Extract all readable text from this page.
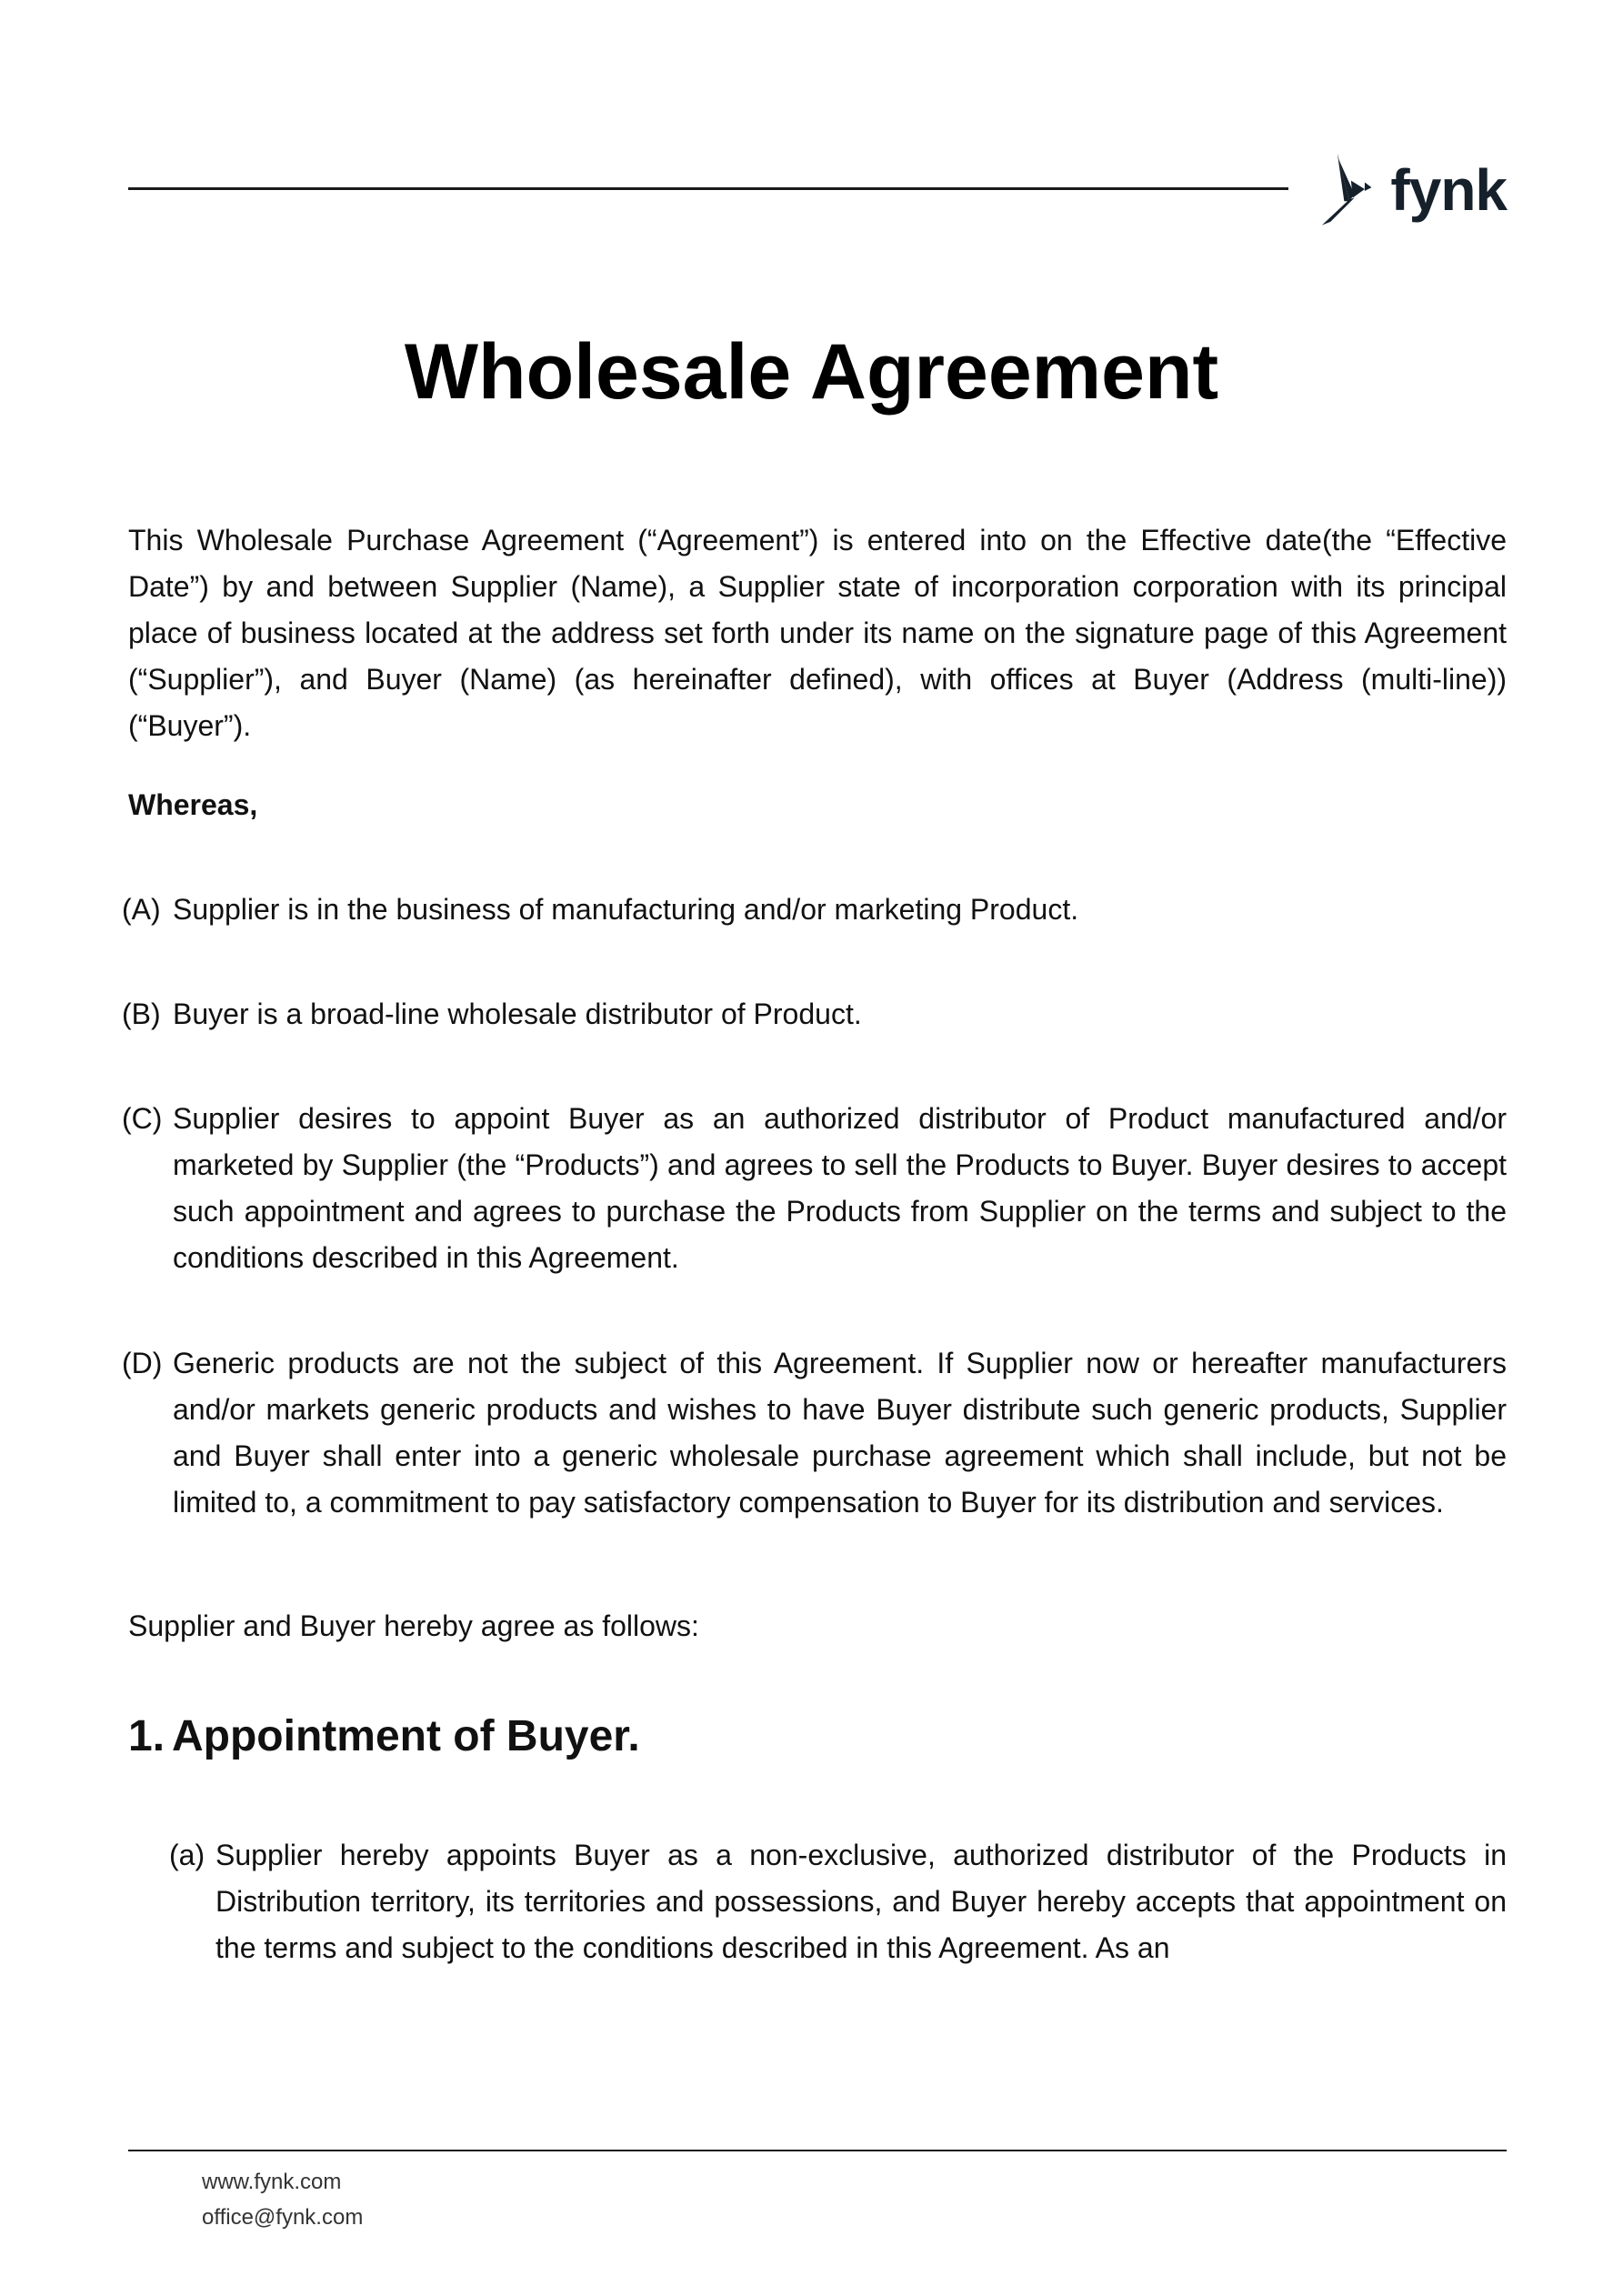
fynk
Wholesale Agreement

This Wholesale Purchase Agreement (“Agreement”) is entered into on the Effective date(the “Effective Date”) by and between Supplier (Name), a Supplier state of incorporation corporation with its principal place of business located at the address set forth under its name on the signature page of this Agreement (“Supplier”), and Buyer (Name) (as hereinafter defined), with offices at Buyer (Address (multi-line)) (“Buyer”).

Whereas,

(A) Supplier is in the business of manufacturing and/or marketing Product.
(B) Buyer is a broad-line wholesale distributor of Product.
(C) Supplier desires to appoint Buyer as an authorized distributor of Product manufactured and/or marketed by Supplier (the “Products”) and agrees to sell the Products to Buyer. Buyer desires to accept such appointment and agrees to purchase the Products from Supplier on the terms and subject to the conditions described in this Agreement.
(D) Generic products are not the subject of this Agreement. If Supplier now or hereafter manufacturers and/or markets generic products and wishes to have Buyer distribute such generic products, Supplier and Buyer shall enter into a generic wholesale purchase agreement which shall include, but not be limited to, a commitment to pay satisfactory compensation to Buyer for its distribution and services.

Supplier and Buyer hereby agree as follows:

1. Appointment of Buyer.
(a) Supplier hereby appoints Buyer as a non-exclusive, authorized distributor of the Products in Distribution territory, its territories and possessions, and Buyer hereby accepts that appointment on the terms and subject to the conditions described in this Agreement. As an

www.fynk.com

office@fynk.com
